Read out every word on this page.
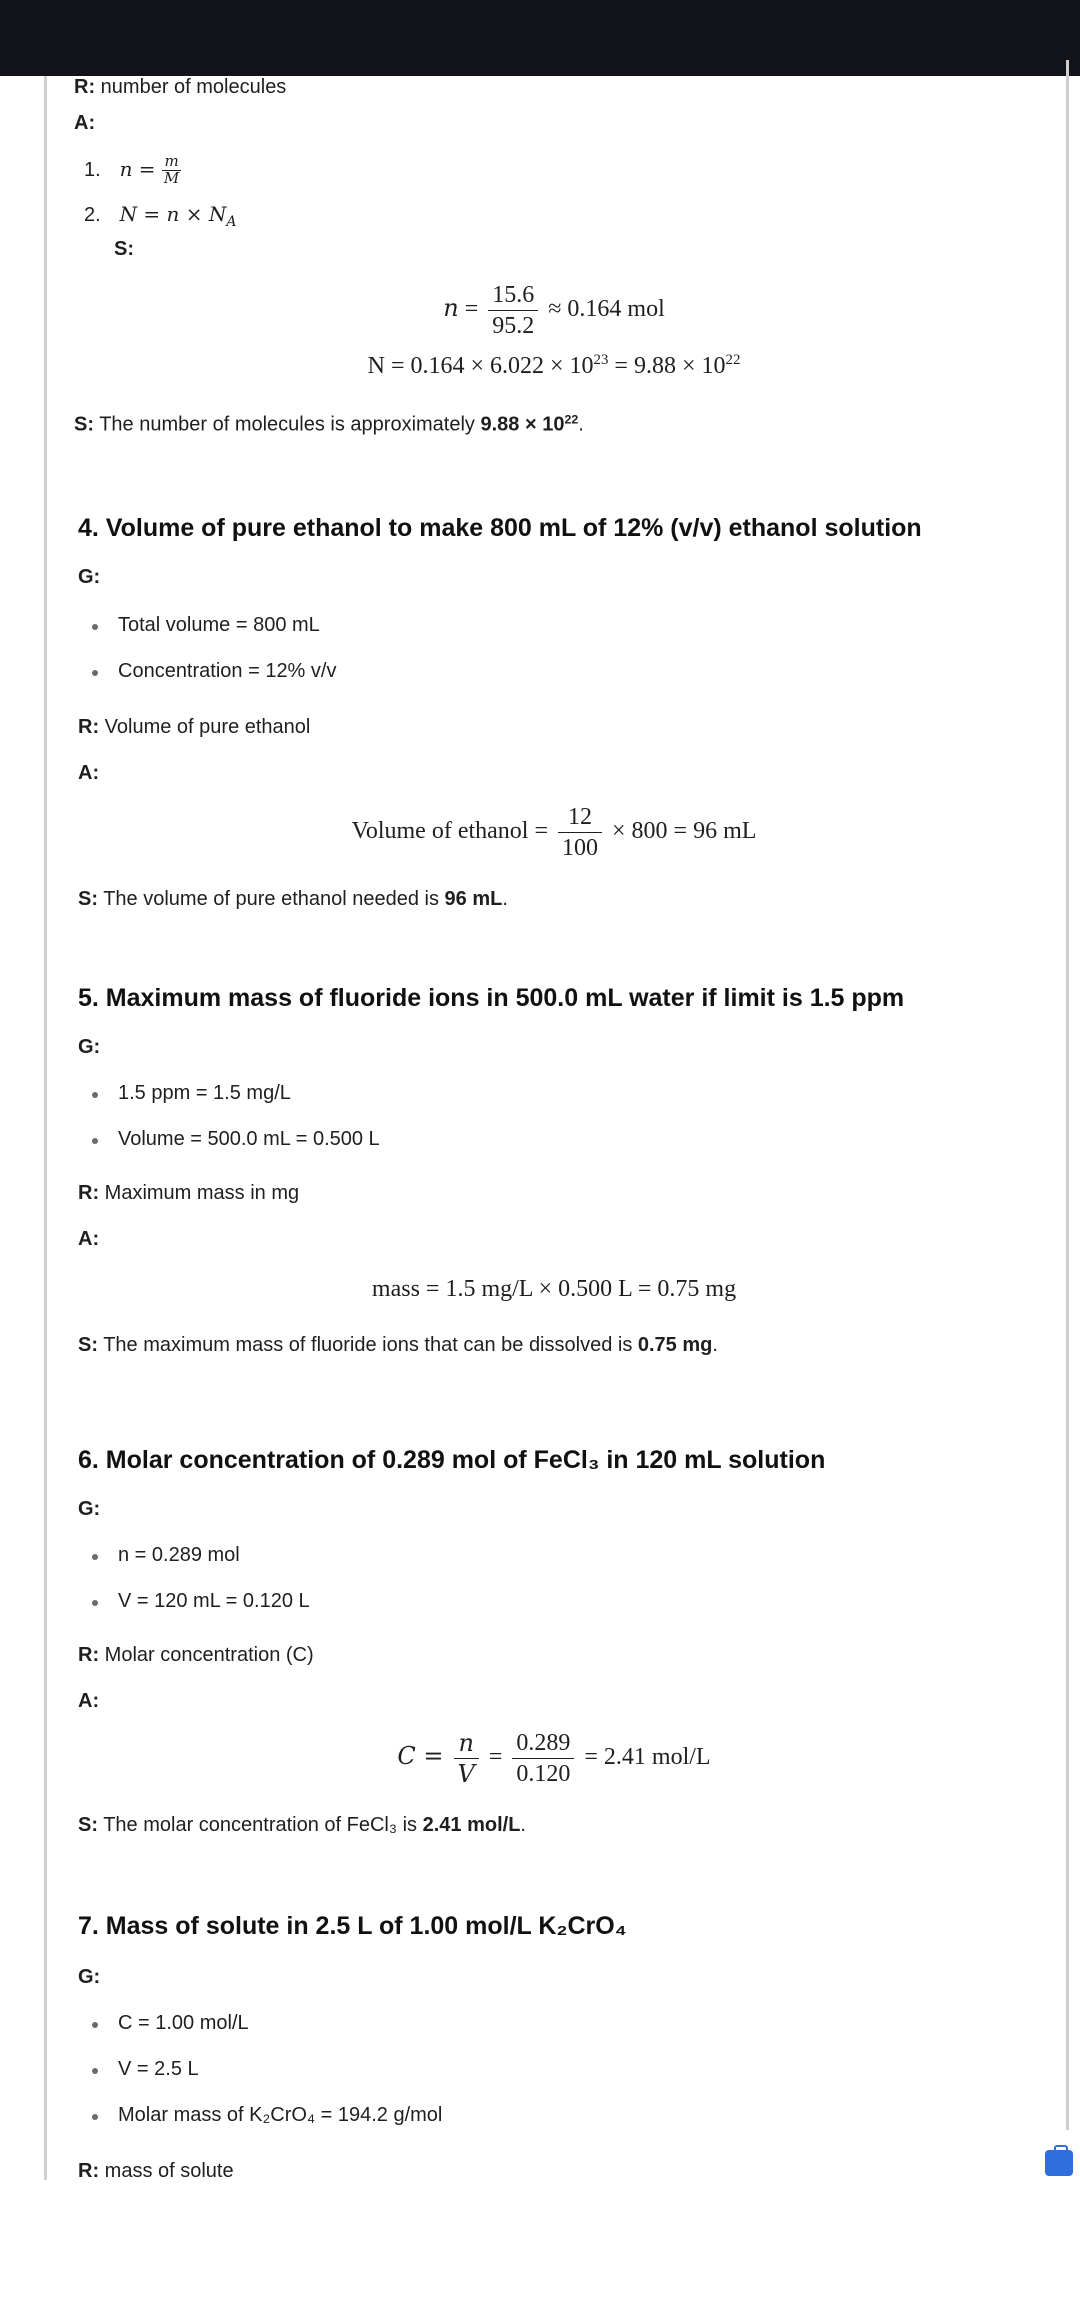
R: number of molecules
A:
1. $n = \frac{m}{M}$
2. $N = n \times N_A$
S:
$n = \frac{15.6}{95.2} \approx 0.164$ mol
$N = 0.164 \times 6.022 \times 10^{23} = 9.88 \times 10^{22}$
S: The number of molecules is approximately $9.88 \times 10^{22}$.
4. Volume of pure ethanol to make 800 mL of 12% (v/v) ethanol solution
G:
Total volume = 800 mL
Concentration = 12% v/v
R: Volume of pure ethanol
A:
Volume of ethanol = $\frac{12}{100} \times 800 = 96$ mL
S: The volume of pure ethanol needed is 96 mL.
5. Maximum mass of fluoride ions in 500.0 mL water if limit is 1.5 ppm
G:
1.5 ppm = 1.5 mg/L
Volume = 500.0 mL = 0.500 L
R: Maximum mass in mg
A:
mass = 1.5 mg/L × 0.500 L = 0.75 mg
S: The maximum mass of fluoride ions that can be dissolved is 0.75 mg.
6. Molar concentration of 0.289 mol of FeCl₃ in 120 mL solution
G:
n = 0.289 mol
V = 120 mL = 0.120 L
R: Molar concentration (C)
A:
$C = \frac{n}{V} = \frac{0.289}{0.120} = 2.41$ mol/L
S: The molar concentration of FeCl₃ is 2.41 mol/L.
7. Mass of solute in 2.5 L of 1.00 mol/L K₂CrO₄
G:
C = 1.00 mol/L
V = 2.5 L
Molar mass of K₂CrO₄ = 194.2 g/mol
R: mass of solute
